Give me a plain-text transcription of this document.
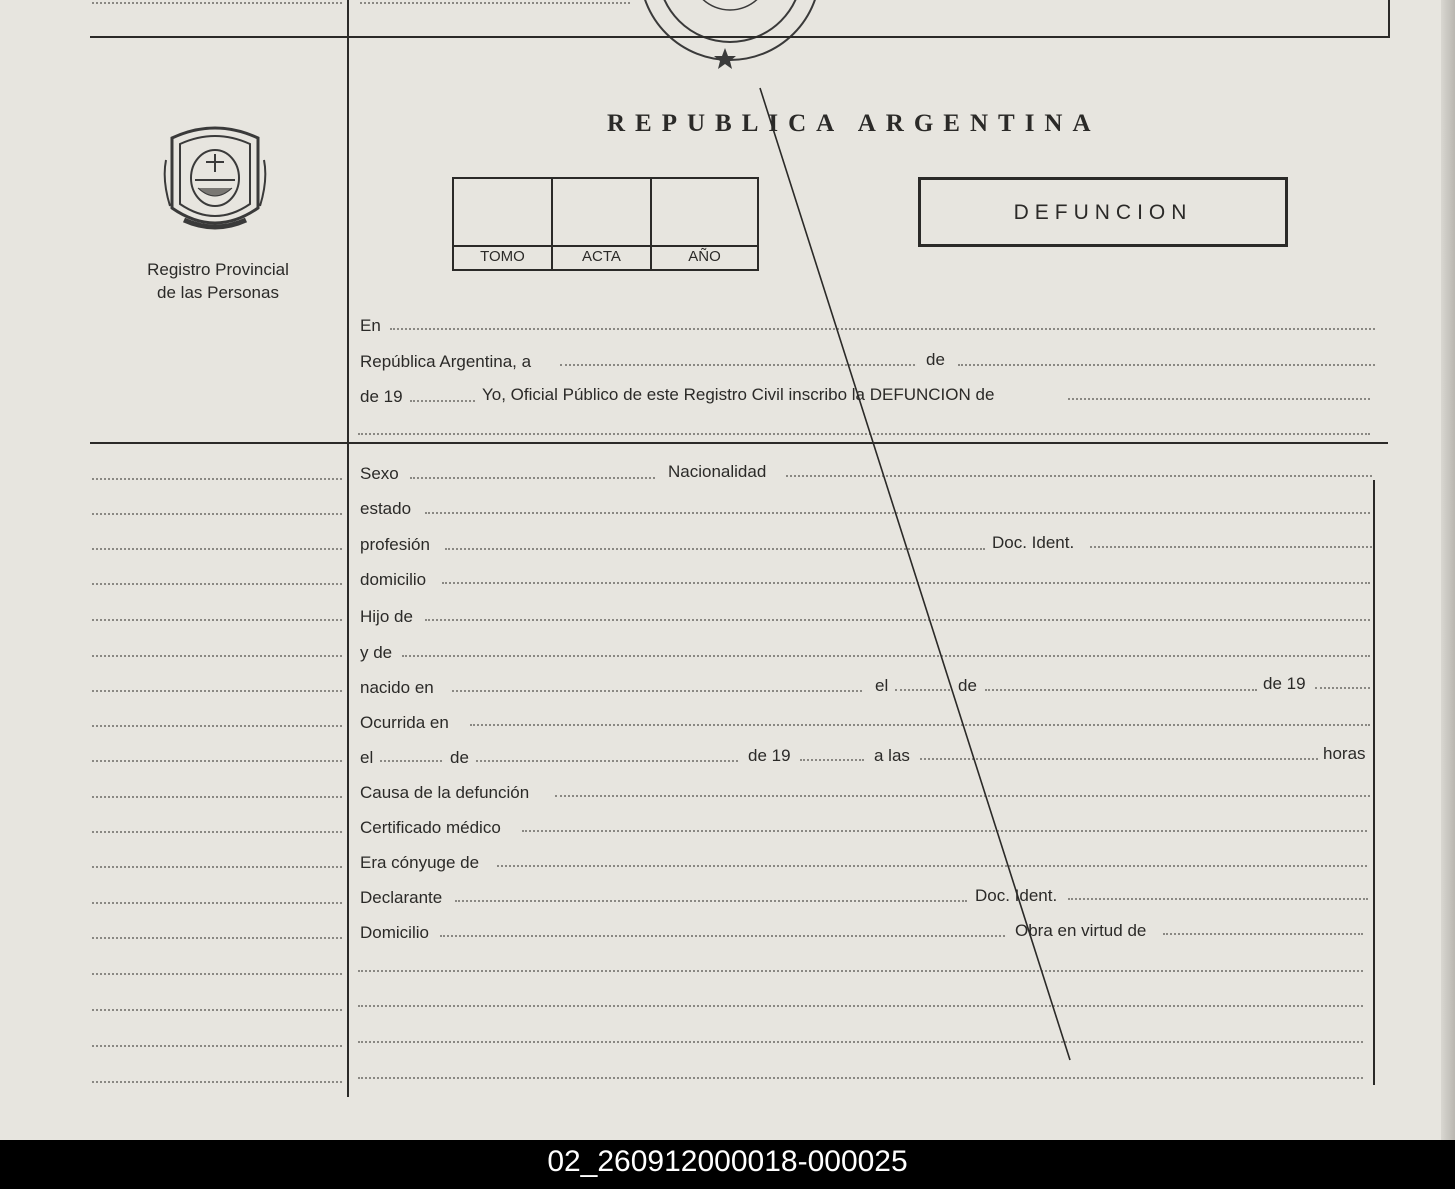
Registro Provincial
de las Personas
REPUBLICA ARGENTINA
TOMO	ACTA	AÑO
DEFUNCION
En
República Argentina, a	de
de 19	Yo, Oficial Público de este Registro Civil inscribo la DEFUNCION de
Sexo	Nacionalidad
estado
profesión	Doc. Ident.
domicilio
Hijo de
y de
nacido en	el	de	de 19
Ocurrida en
el	de	de 19	a las	horas
Causa de la defunción
Certificado médico
Era cónyuge de
Declarante	Doc. Ident.
Domicilio	Obra en virtud de
02_260912000018-000025
